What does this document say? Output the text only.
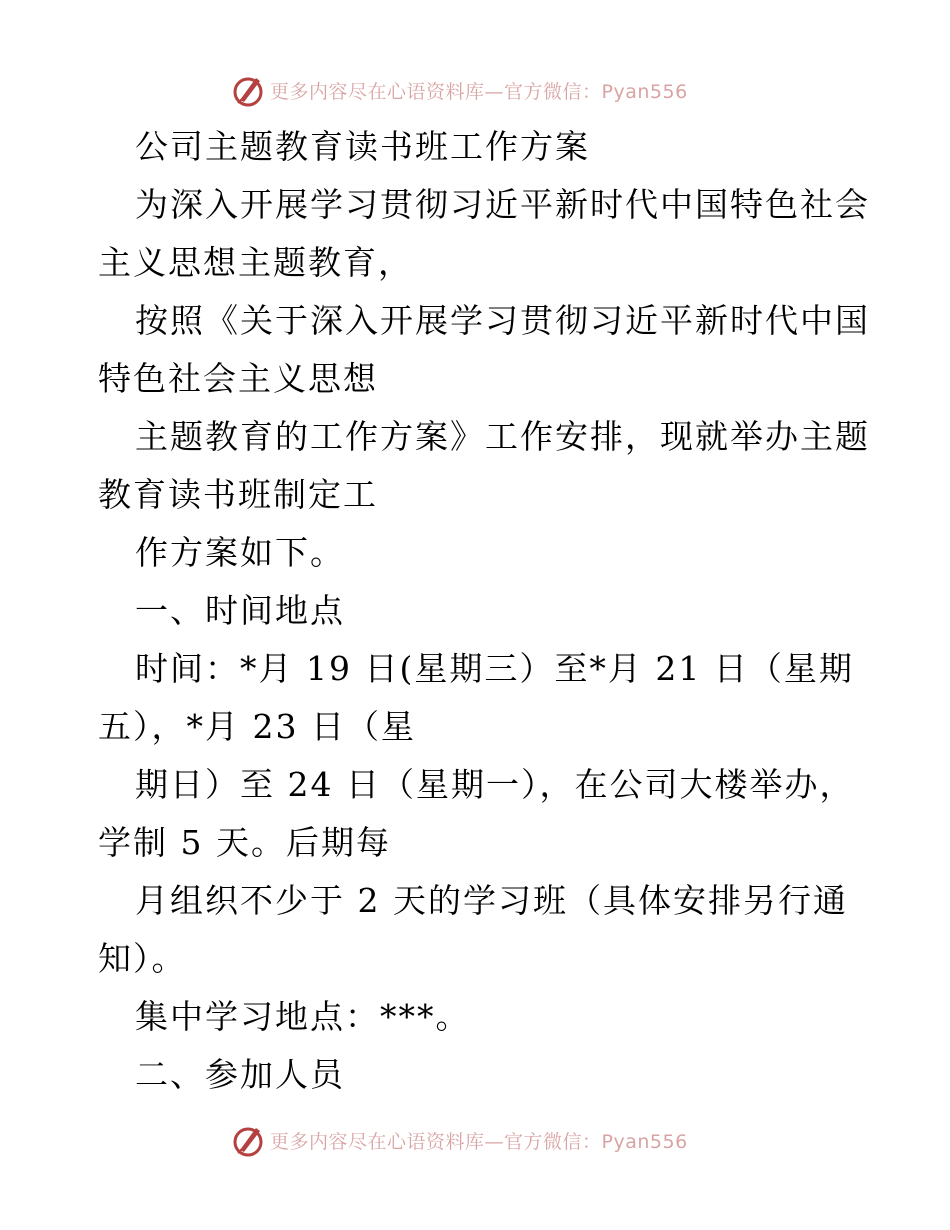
更多内容尽在心语资料库—官方微信：Pyan556
公司主题教育读书班工作方案
为深入开展学习贯彻习近平新时代中国特色社会
主义思想主题教育，
按照《关于深入开展学习贯彻习近平新时代中国
特色社会主义思想
主题教育的工作方案》工作安排，现就举办主题
教育读书班制定工
作方案如下。
一、时间地点
时间：*月 19 日(星期三）至*月 21 日（星期
五），*月 23 日（星
期日）至 24 日（星期一），在公司大楼举办，
学制 5 天。后期每
月组织不少于 2 天的学习班（具体安排另行通
知）。
集中学习地点：***。
二、参加人员
更多内容尽在心语资料库—官方微信：Pyan556
